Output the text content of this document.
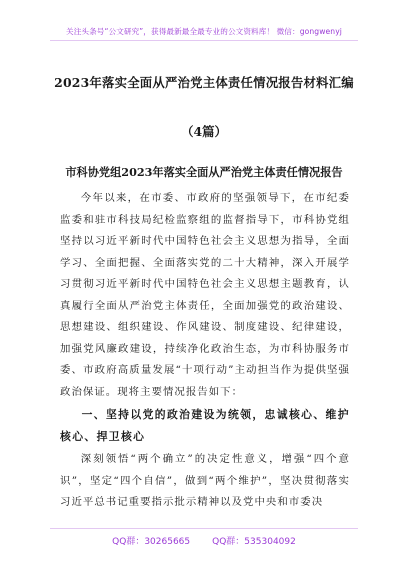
关注头条号“公文研究”，获得最新最全最专业的公文资料库！ 微信：gongwenyj
2023年落实全面从严治党主体责任情况报告材料汇编
（4篇）
市科协党组2023年落实全面从严治党主体责任情况报告

今年以来，在市委、市政府的坚强领导下，在市纪委监委和驻市科技局纪检监察组的监督指导下，市科协党组坚持以习近平新时代中国特色社会主义思想为指导，全面学习、全面把握、全面落实党的二十大精神，深入开展学习贯彻习近平新时代中国特色社会主义思想主题教育，认真履行全面从严治党主体责任，全面加强党的政治建设、思想建设、组织建设、作风建设、制度建设、纪律建设，加强党风廉政建设，持续净化政治生态，为市科协服务市委、市政府高质量发展“十项行动”主动担当作为提供坚强政治保证。现将主要情况报告如下：

一、坚持以党的政治建设为统领，忠诚核心、维护核心、捍卫核心

深刻领悟“两个确立”的决定性意义，增强“四个意识”，坚定“四个自信”，做到“两个维护”，坚决贯彻落实习近平总书记重要指示批示精神以及党中央和市委决

QQ群：30265665 QQ群：535304092
